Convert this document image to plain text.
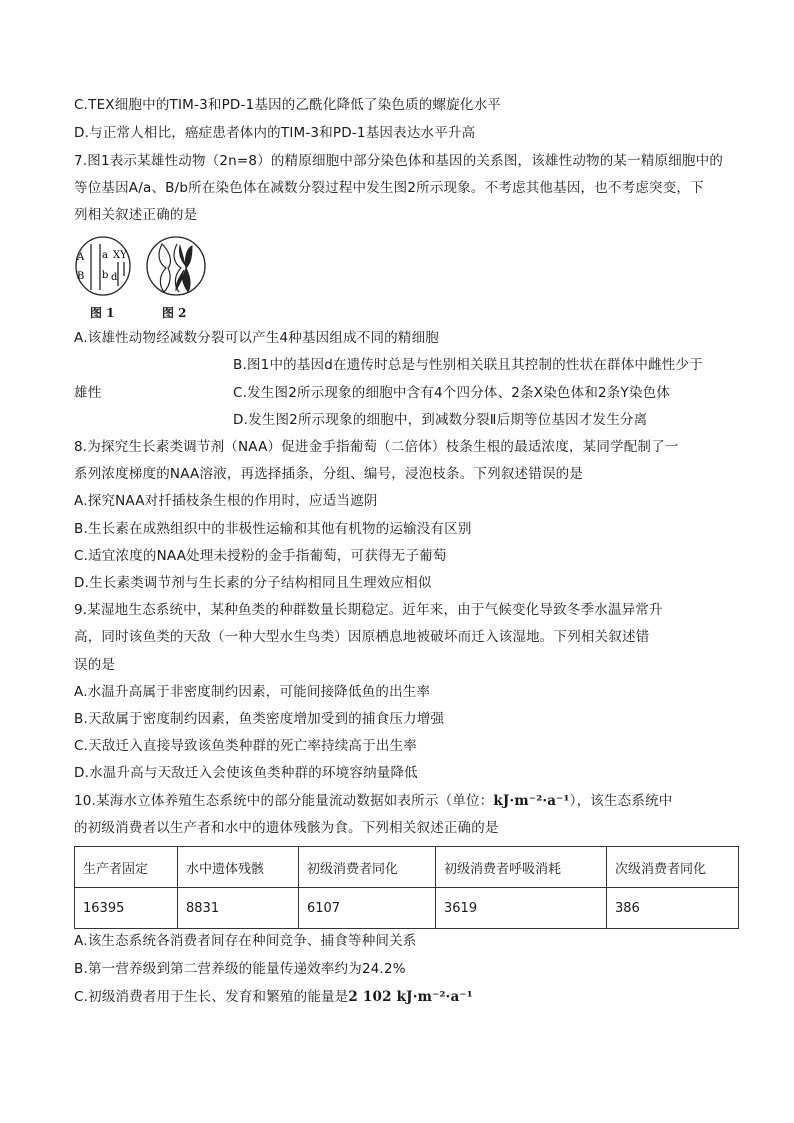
C.TEX细胞中的TIM-3和PD-1基因的乙酰化降低了染色质的螺旋化水平
D.与正常人相比，癌症患者体内的TIM-3和PD-1基因表达水平升高
7.图1表示某雄性动物（2n=8）的精原细胞中部分染色体和基因的关系图，该雄性动物的某一精原细胞中的
等位基因A/a、B/b所在染色体在减数分裂过程中发生图2所示现象。不考虑其他基因，也不考虑突变，下
列相关叙述正确的是
A
B
a
b d
XY
图 1	图 2
A.该雄性动物经减数分裂可以产生4种基因组成不同的精细胞
B.图1中的基因d在遗传时总是与性别相关联且其控制的性状在群体中雌性少于
雄性	C.发生图2所示现象的细胞中含有4个四分体、2条X染色体和2条Y染色体
D.发生图2所示现象的细胞中，到减数分裂Ⅱ后期等位基因才发生分离
8.为探究生长素类调节剂（NAA）促进金手指葡萄（二倍体）枝条生根的最适浓度，某同学配制了一
系列浓度梯度的NAA溶液，再选择插条，分组、编号，浸泡枝条。下列叙述错误的是
A.探究NAA对扦插枝条生根的作用时，应适当遮阴
B.生长素在成熟组织中的非极性运输和其他有机物的运输没有区别
C.适宜浓度的NAA处理未授粉的金手指葡萄，可获得无子葡萄
D.生长素类调节剂与生长素的分子结构相同且生理效应相似
9.某湿地生态系统中，某种鱼类的种群数量长期稳定。近年来，由于气候变化导致冬季水温异常升
高，同时该鱼类的天敌（一种大型水生鸟类）因原栖息地被破坏而迁入该湿地。下列相关叙述错
误的是
A.水温升高属于非密度制约因素，可能间接降低鱼的出生率
B.天敌属于密度制约因素，鱼类密度增加受到的捕食压力增强
C.天敌迁入直接导致该鱼类种群的死亡率持续高于出生率
D.水温升高与天敌迁入会使该鱼类种群的环境容纳量降低
10.某海水立体养殖生态系统中的部分能量流动数据如表所示（单位：kJ·m⁻²·a⁻¹），该生态系统中
的初级消费者以生产者和水中的遗体残骸为食。下列相关叙述正确的是
生产者固定	水中遗体残骸	初级消费者同化	初级消费者呼吸消耗	次级消费者同化
16395	8831	6107	3619	386
A.该生态系统各消费者间存在种间竞争、捕食等种间关系
B.第一营养级到第二营养级的能量传递效率约为24.2%
C.初级消费者用于生长、发育和繁殖的能量是2 102 kJ·m⁻²·a⁻¹
